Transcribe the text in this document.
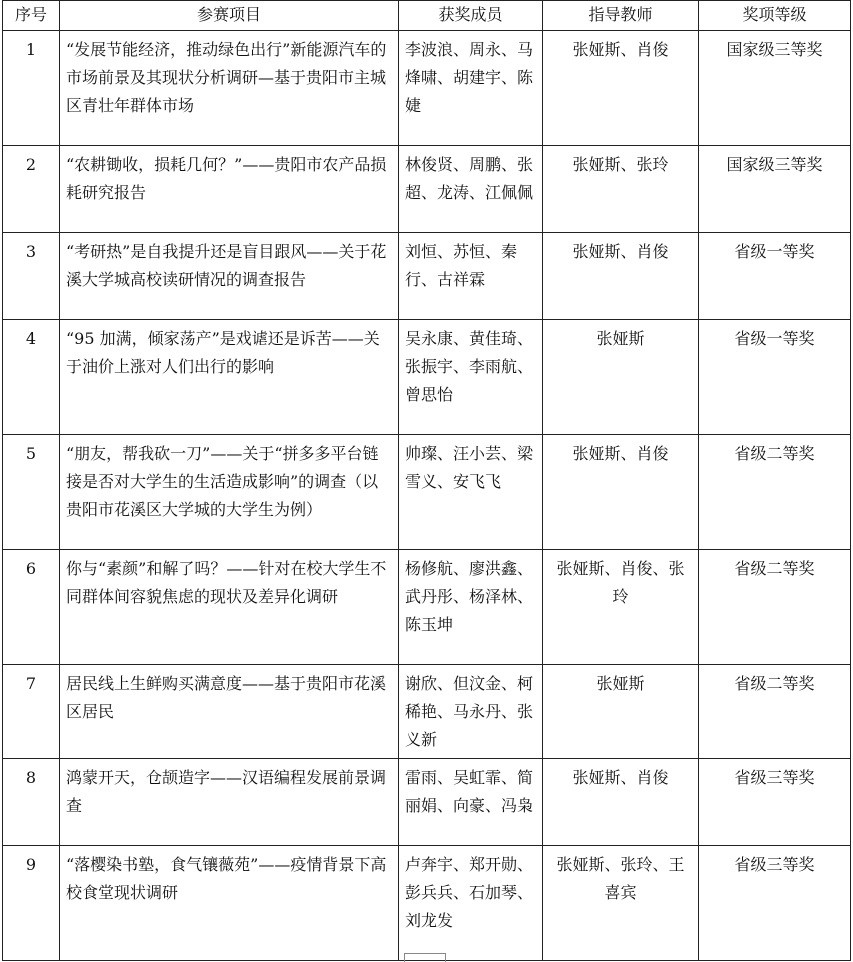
序号	参赛项目	获奖成员	指导教师	奖项等级
1	“发展节能经济，推动绿色出行”新能源汽车的市场前景及其现状分析调研—基于贵阳市主城区青壮年群体市场	李波浪、周永、马烽啸、胡建宇、陈婕	张娅斯、肖俊	国家级三等奖
2	“农耕锄收，损耗几何？”——贵阳市农产品损耗研究报告	林俊贤、周鹏、张超、龙涛、江佩佩	张娅斯、张玲	国家级三等奖
3	“考研热”是自我提升还是盲目跟风——关于花溪大学城高校读研情况的调查报告	刘恒、苏恒、秦行、古祥霖	张娅斯、肖俊	省级一等奖
4	“95 加满，倾家荡产”是戏谑还是诉苦——关于油价上涨对人们出行的影响	吴永康、黄佳琦、张振宇、李雨航、曾思怡	张娅斯	省级一等奖
5	“朋友，帮我砍一刀”——关于“拼多多平台链接是否对大学生的生活造成影响”的调查（以贵阳市花溪区大学城的大学生为例）	帅璨、汪小芸、梁雪义、安飞飞	张娅斯、肖俊	省级二等奖
6	你与“素颜”和解了吗？——针对在校大学生不同群体间容貌焦虑的现状及差异化调研	杨修航、廖洪鑫、武丹彤、杨泽林、陈玉坤	张娅斯、肖俊、张玲	省级二等奖
7	居民线上生鲜购买满意度——基于贵阳市花溪区居民	谢欣、但汶金、柯稀艳、马永丹、张义新	张娅斯	省级二等奖
8	鸿蒙开天，仓颉造字——汉语编程发展前景调查	雷雨、吴虹霏、简丽娟、向豪、冯枭	张娅斯、肖俊	省级三等奖
9	“落樱染书塾，食气镶薇苑”——疫情背景下高校食堂现状调研	卢奔宇、郑开勋、彭兵兵、石加琴、刘龙发	张娅斯、张玲、王喜宾	省级三等奖
